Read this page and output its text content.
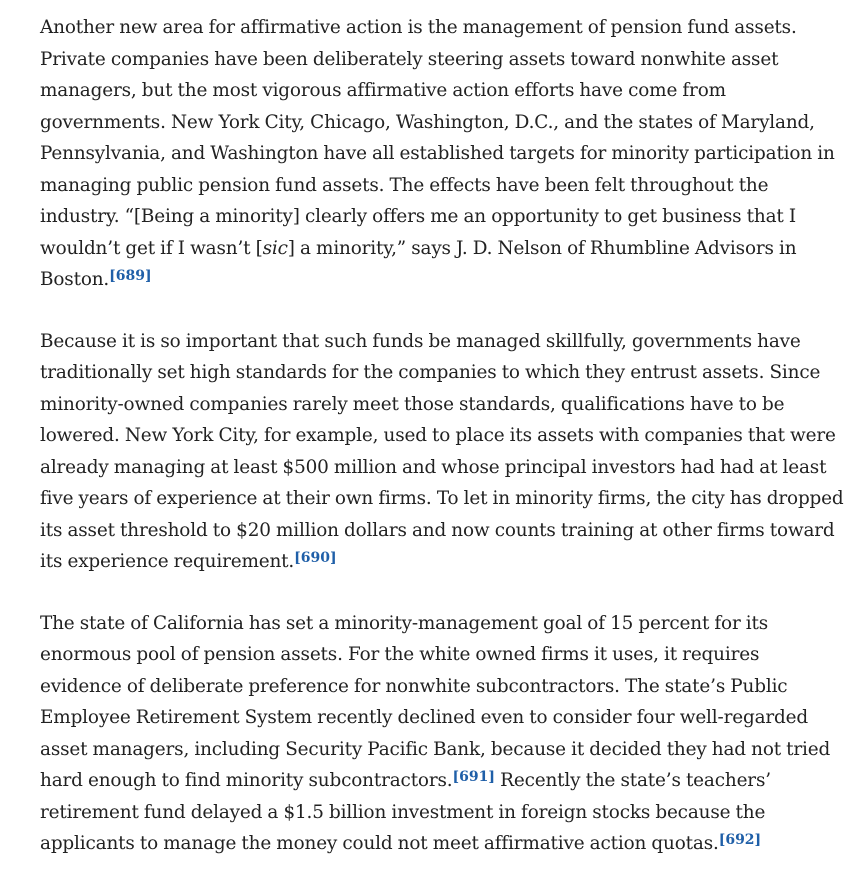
Another new area for affirmative action is the management of pension fund assets. Private companies have been deliberately steering assets toward nonwhite asset managers, but the most vigorous affirmative action efforts have come from governments. New York City, Chicago, Washington, D.C., and the states of Maryland, Pennsylvania, and Washington have all established targets for minority participation in managing public pension fund assets. The effects have been felt throughout the industry. “[Being a minority] clearly offers me an opportunity to get business that I wouldn’t get if I wasn’t [sic] a minority,” says J. D. Nelson of Rhumbline Advisors in Boston.[689]

Because it is so important that such funds be managed skillfully, governments have traditionally set high standards for the companies to which they entrust assets. Since minority-owned companies rarely meet those standards, qualifications have to be lowered. New York City, for example, used to place its assets with companies that were already managing at least $500 million and whose principal investors had had at least five years of experience at their own firms. To let in minority firms, the city has dropped its asset threshold to $20 million dollars and now counts training at other firms toward its experience requirement.[690]

The state of California has set a minority-management goal of 15 percent for its enormous pool of pension assets. For the white owned firms it uses, it requires evidence of deliberate preference for nonwhite subcontractors. The state’s Public Employee Retirement System recently declined even to consider four well-regarded asset managers, including Security Pacific Bank, because it decided they had not tried hard enough to find minority subcontractors.[691] Recently the state’s teachers’ retirement fund delayed a $1.5 billion investment in foreign stocks because the applicants to manage the money could not meet affirmative action quotas.[692]
